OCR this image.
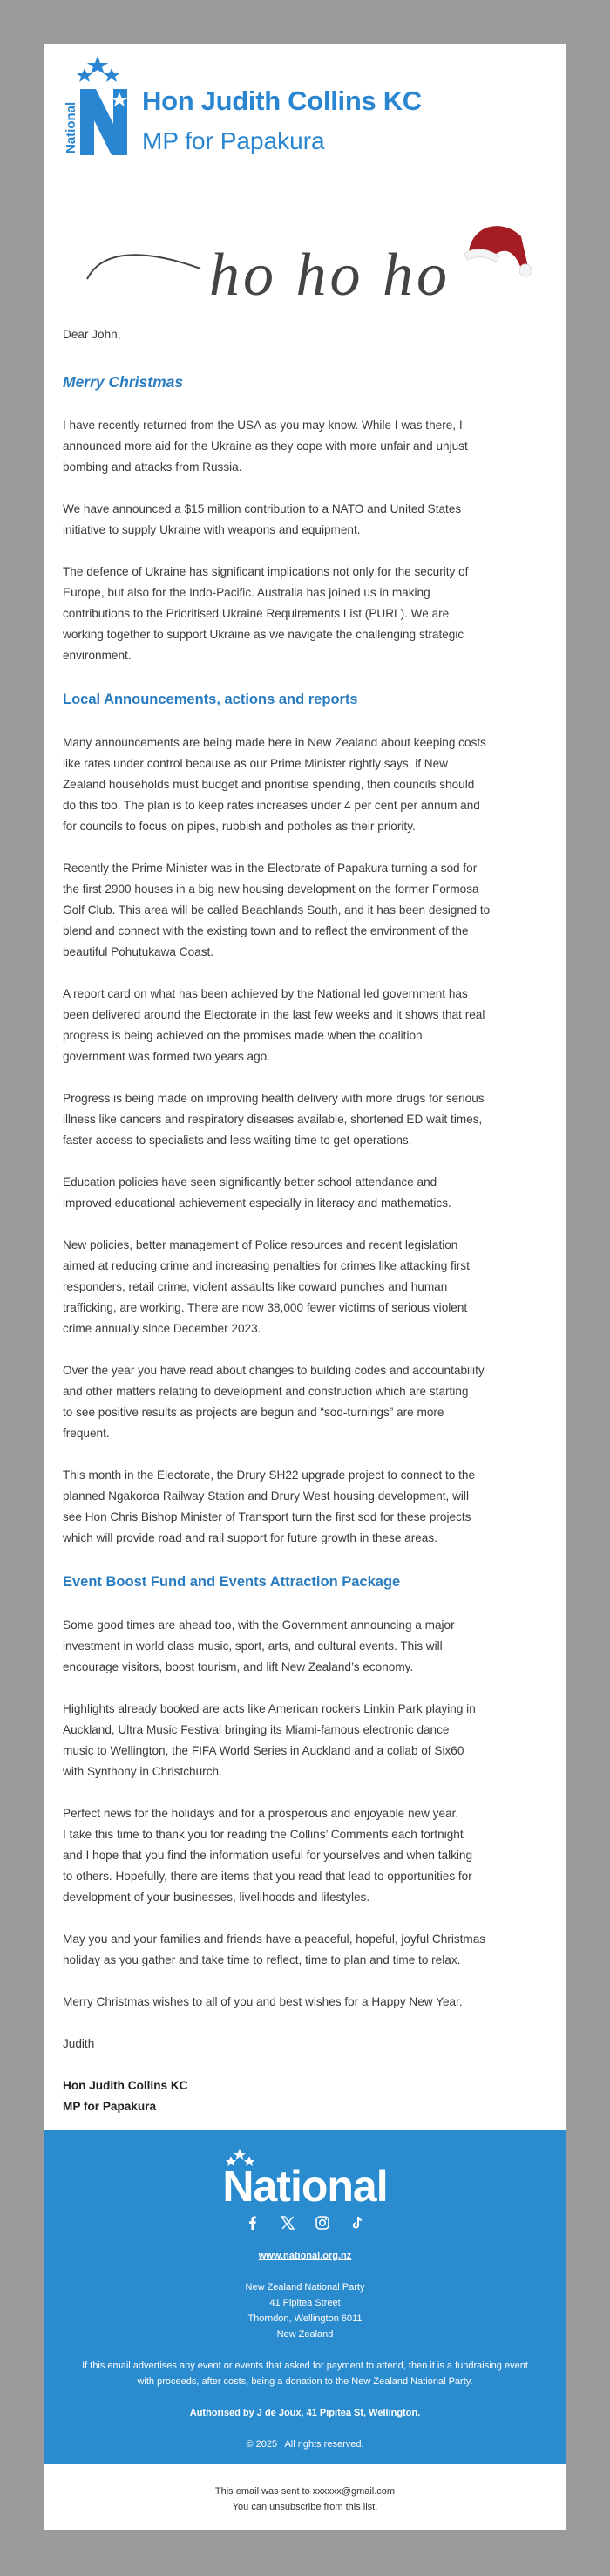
National
Hon Judith Collins KC
MP for Papakura
ho ho ho

Dear John,

Merry Christmas

I have recently returned from the USA as you may know. While I was there, I
announced more aid for the Ukraine as they cope with more unfair and unjust
bombing and attacks from Russia.

We have announced a $15 million contribution to a NATO and United States
initiative to supply Ukraine with weapons and equipment.

The defence of Ukraine has significant implications not only for the security of
Europe, but also for the Indo-Pacific. Australia has joined us in making
contributions to the Prioritised Ukraine Requirements List (PURL). We are
working together to support Ukraine as we navigate the challenging strategic
environment.

Local Announcements, actions and reports

Many announcements are being made here in New Zealand about keeping costs
like rates under control because as our Prime Minister rightly says, if New
Zealand households must budget and prioritise spending, then councils should
do this too. The plan is to keep rates increases under 4 per cent per annum and
for councils to focus on pipes, rubbish and potholes as their priority.

Recently the Prime Minister was in the Electorate of Papakura turning a sod for
the first 2900 houses in a big new housing development on the former Formosa
Golf Club. This area will be called Beachlands South, and it has been designed to
blend and connect with the existing town and to reflect the environment of the
beautiful Pohutukawa Coast.

A report card on what has been achieved by the National led government has
been delivered around the Electorate in the last few weeks and it shows that real
progress is being achieved on the promises made when the coalition
government was formed two years ago.

Progress is being made on improving health delivery with more drugs for serious
illness like cancers and respiratory diseases available, shortened ED wait times,
faster access to specialists and less waiting time to get operations.

Education policies have seen significantly better school attendance and
improved educational achievement especially in literacy and mathematics.

New policies, better management of Police resources and recent legislation
aimed at reducing crime and increasing penalties for crimes like attacking first
responders, retail crime, violent assaults like coward punches and human
trafficking, are working. There are now 38,000 fewer victims of serious violent
crime annually since December 2023.

Over the year you have read about changes to building codes and accountability
and other matters relating to development and construction which are starting
to see positive results as projects are begun and “sod-turnings” are more
frequent.

This month in the Electorate, the Drury SH22 upgrade project to connect to the
planned Ngakoroa Railway Station and Drury West housing development, will
see Hon Chris Bishop Minister of Transport turn the first sod for these projects
which will provide road and rail support for future growth in these areas.

Event Boost Fund and Events Attraction Package

Some good times are ahead too, with the Government announcing a major
investment in world class music, sport, arts, and cultural events. This will
encourage visitors, boost tourism, and lift New Zealand’s economy.

Highlights already booked are acts like American rockers Linkin Park playing in
Auckland, Ultra Music Festival bringing its Miami-famous electronic dance
music to Wellington, the FIFA World Series in Auckland and a collab of Six60
with Synthony in Christchurch.

Perfect news for the holidays and for a prosperous and enjoyable new year.
I take this time to thank you for reading the Collins’ Comments each fortnight
and I hope that you find the information useful for yourselves and when talking
to others. Hopefully, there are items that you read that lead to opportunities for
development of your businesses, livelihoods and lifestyles.

May you and your families and friends have a peaceful, hopeful, joyful Christmas
holiday as you gather and take time to reflect, time to plan and time to relax.

Merry Christmas wishes to all of you and best wishes for a Happy New Year.

Judith

Hon Judith Collins KC

MP for Papakura

National
www.national.org.nz
New Zealand National Party
41 Pipitea Street
Thorndon, Wellington 6011
New Zealand
If this email advertises any event or events that asked for payment to attend, then it is a fundraising event with proceeds, after costs, being a donation to the New Zealand National Party.
Authorised by J de Joux, 41 Pipitea St, Wellington.
© 2025 | All rights reserved.
This email was sent to xxxxxx@gmail.com
You can unsubscribe from this list.
